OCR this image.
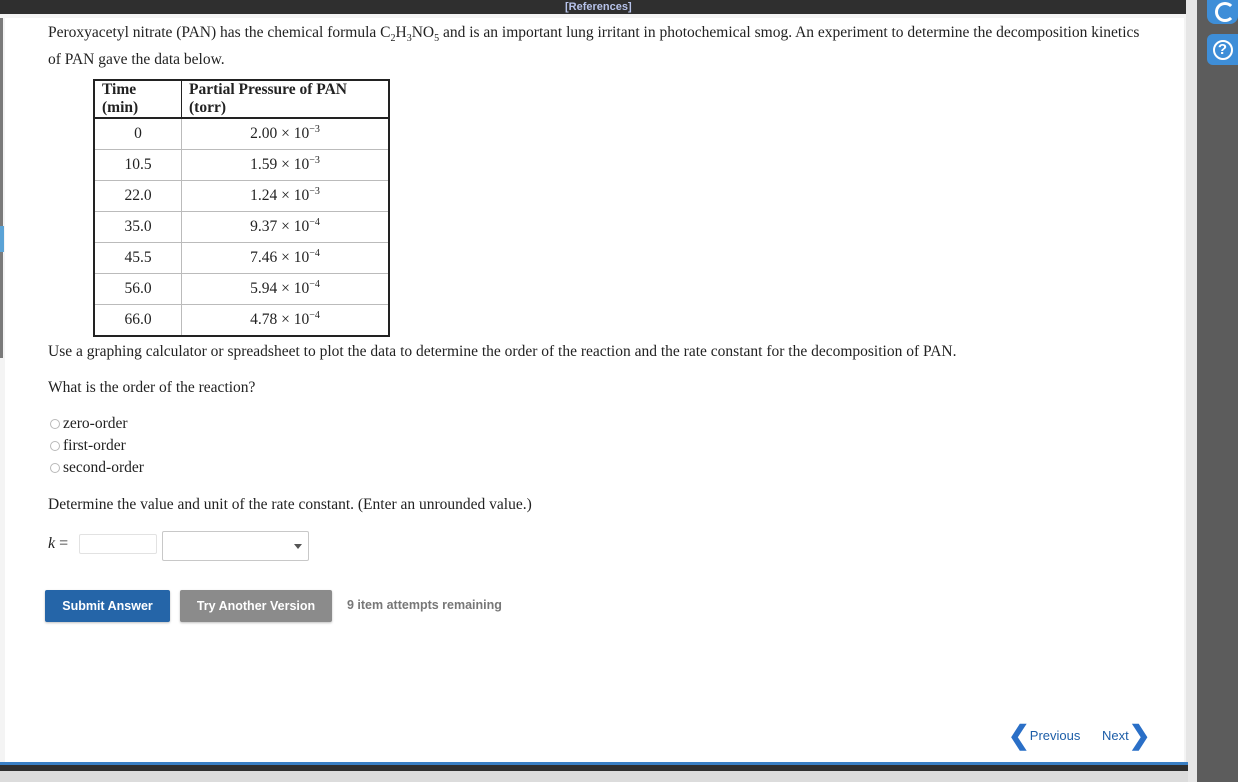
[References]
?
Peroxyacetyl nitrate (PAN) has the chemical formula $C_2H_3NO_5$ and is an important lung irritant in photochemical smog. An experiment to determine the decomposition kinetics of PAN gave the data below.
Time (min)	Partial Pressure of PAN (torr)
0	$2.00 \times 10^{-3}$
10.5	$1.59 \times 10^{-3}$
22.0	$1.24 \times 10^{-3}$
35.0	$9.37 \times 10^{-4}$
45.5	$7.46 \times 10^{-4}$
56.0	$5.94 \times 10^{-4}$
66.0	$4.78 \times 10^{-4}$
Use a graphing calculator or spreadsheet to plot the data to determine the order of the reaction and the rate constant for the decomposition of PAN.
What is the order of the reaction?
zero-order
first-order
second-order
Determine the value and unit of the rate constant. (Enter an unrounded value.)
k =
Submit Answer	Try Another Version	9 item attempts remaining
❮ Previous Next ❯
